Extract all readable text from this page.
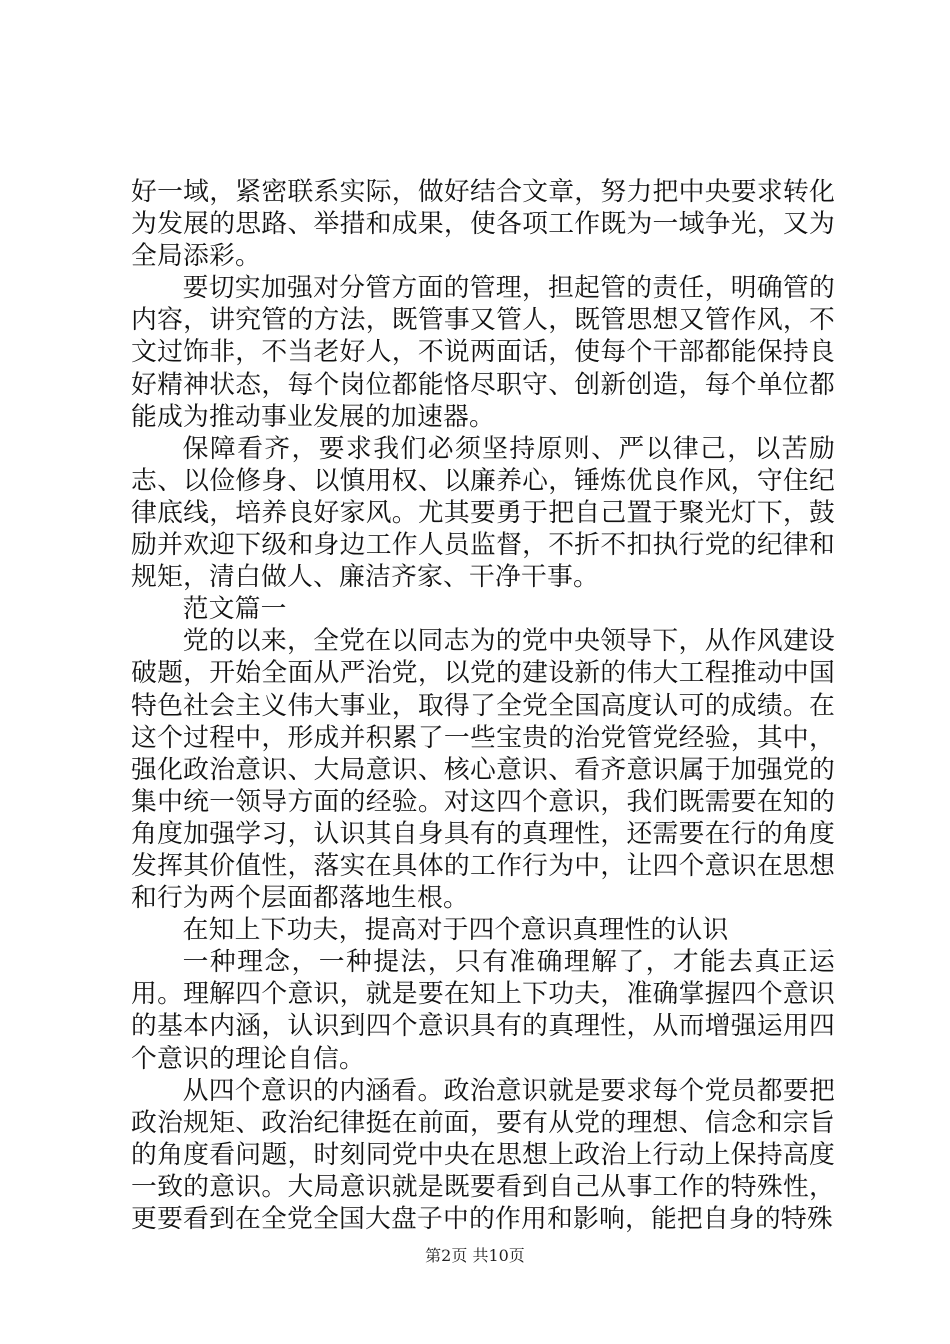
好一域，紧密联系实际，做好结合文章，努力把中央要求转化为发展的思路、举措和成果，使各项工作既为一域争光，又为全局添彩。

要切实加强对分管方面的管理，担起管的责任，明确管的内容，讲究管的方法，既管事又管人，既管思想又管作风，不文过饰非，不当老好人，不说两面话，使每个干部都能保持良好精神状态，每个岗位都能恪尽职守、创新创造，每个单位都能成为推动事业发展的加速器。

保障看齐，要求我们必须坚持原则、严以律己，以苦励志、以俭修身、以慎用权、以廉养心，锤炼优良作风，守住纪律底线，培养良好家风。尤其要勇于把自己置于聚光灯下，鼓励并欢迎下级和身边工作人员监督，不折不扣执行党的纪律和规矩，清白做人、廉洁齐家、干净干事。

范文篇一

党的以来，全党在以同志为的党中央领导下，从作风建设破题，开始全面从严治党，以党的建设新的伟大工程推动中国特色社会主义伟大事业，取得了全党全国高度认可的成绩。在这个过程中，形成并积累了一些宝贵的治党管党经验，其中，强化政治意识、大局意识、核心意识、看齐意识属于加强党的集中统一领导方面的经验。对这四个意识，我们既需要在知的角度加强学习，认识其自身具有的真理性，还需要在行的角度发挥其价值性，落实在具体的工作行为中，让四个意识在思想和行为两个层面都落地生根。

在知上下功夫，提高对于四个意识真理性的认识

一种理念，一种提法，只有准确理解了，才能去真正运用。理解四个意识，就是要在知上下功夫，准确掌握四个意识的基本内涵，认识到四个意识具有的真理性，从而增强运用四个意识的理论自信。

从四个意识的内涵看。政治意识就是要求每个党员都要把政治规矩、政治纪律挺在前面，要有从党的理想、信念和宗旨的角度看问题，时刻同党中央在思想上政治上行动上保持高度一致的意识。大局意识就是既要看到自己从事工作的特殊性，更要看到在全党全国大盘子中的作用和影响，能把自身的特殊

第2页 共10页
